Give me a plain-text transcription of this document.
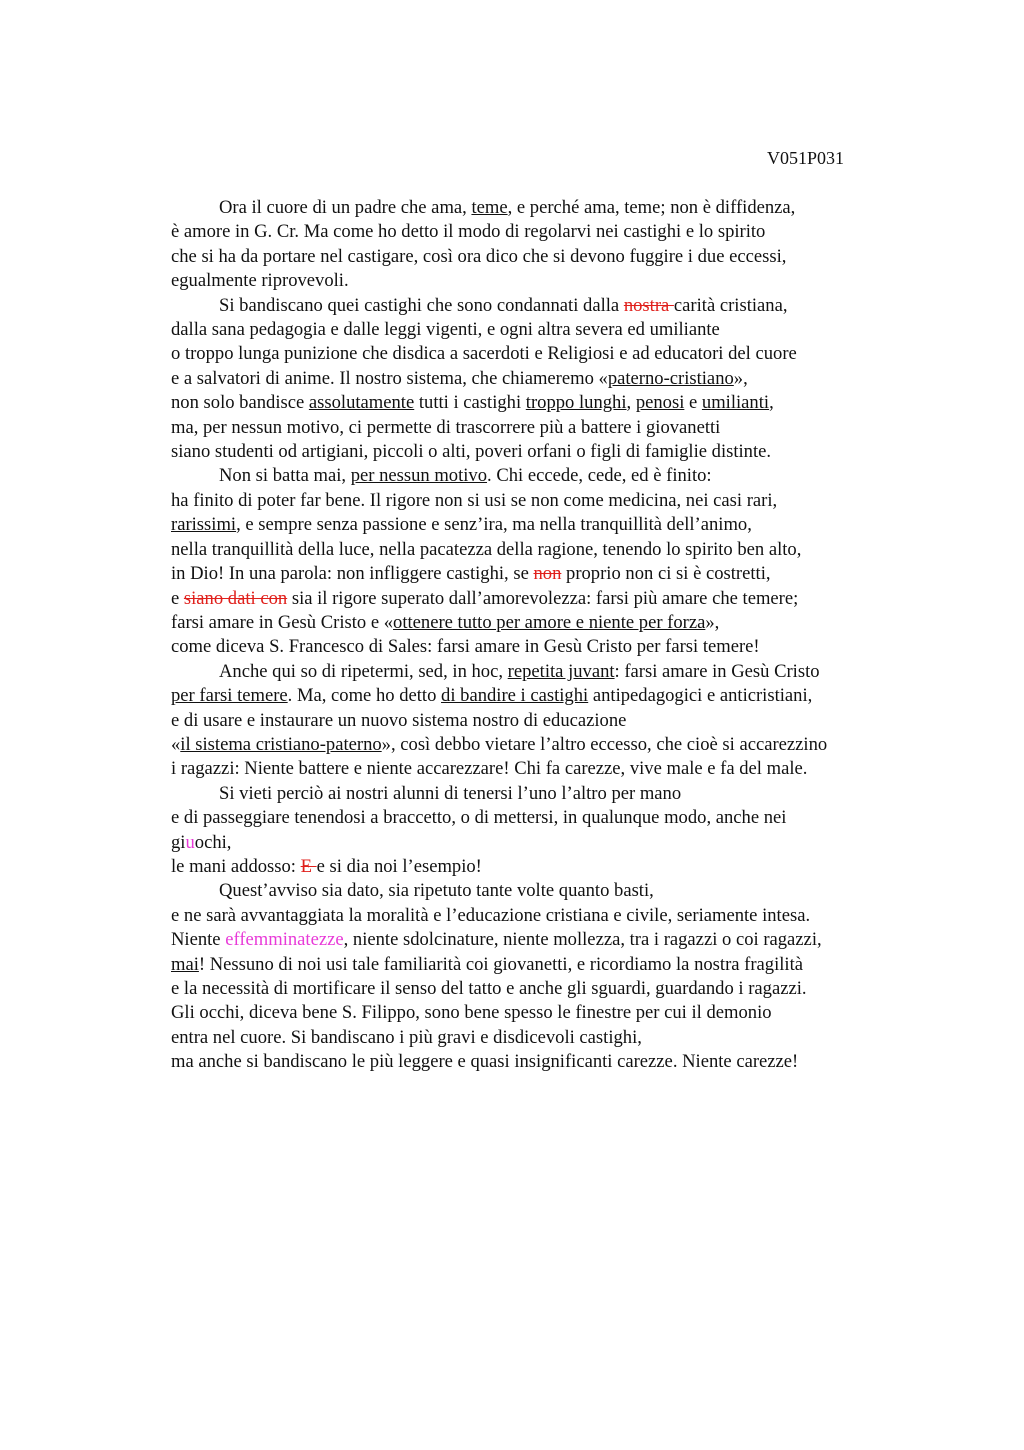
V051P031
Ora il cuore di un padre che ama, teme, e perché ama, teme; non è diffidenza,
è amore in G. Cr. Ma come ho detto il modo di regolarvi nei castighi e lo spirito
che si ha da portare nel castigare, così ora dico che si devono fuggire i due eccessi,
egualmente riprovevoli.
Si bandiscano quei castighi che sono condannati dalla nostra carità cristiana,
dalla sana pedagogia e dalle leggi vigenti, e ogni altra severa ed umiliante
o troppo lunga punizione che disdica a sacerdoti e Religiosi e ad educatori del cuore
e a salvatori di anime. Il nostro sistema, che chiameremo «paterno-cristiano»,
non solo bandisce assolutamente tutti i castighi troppo lunghi, penosi e umilianti,
ma, per nessun motivo, ci permette di trascorrere più a battere i giovanetti
siano studenti od artigiani, piccoli o alti, poveri orfani o figli di famiglie distinte.
Non si batta mai, per nessun motivo. Chi eccede, cede, ed è finito:
ha finito di poter far bene. Il rigore non si usi se non come medicina, nei casi rari,
rarissimi, e sempre senza passione e senz’ira, ma nella tranquillità dell’animo,
nella tranquillità della luce, nella pacatezza della ragione, tenendo lo spirito ben alto,
in Dio! In una parola: non infliggere castighi, se non proprio non ci si è costretti,
e siano dati con sia il rigore superato dall’amorevolezza: farsi più amare che temere;
farsi amare in Gesù Cristo e «ottenere tutto per amore e niente per forza»,
come diceva S. Francesco di Sales: farsi amare in Gesù Cristo per farsi temere!
Anche qui so di ripetermi, sed, in hoc, repetita juvant: farsi amare in Gesù Cristo
per farsi temere. Ma, come ho detto di bandire i castighi antipedagogici e anticristiani,
e di usare e instaurare un nuovo sistema nostro di educazione
«il sistema cristiano-paterno», così debbo vietare l’altro eccesso, che cioè si accarezzino
i ragazzi: Niente battere e niente accarezzare! Chi fa carezze, vive male e fa del male.
Si vieti perciò ai nostri alunni di tenersi l’uno l’altro per mano
e di passeggiare tenendosi a braccetto, o di mettersi, in qualunque modo, anche nei
giuochi,
le mani addosso: E e si dia noi l’esempio!
Quest’avviso sia dato, sia ripetuto tante volte quanto basti,
e ne sarà avvantaggiata la moralità e l’educazione cristiana e civile, seriamente intesa.
Niente effemminatezze, niente sdolcinature, niente mollezza, tra i ragazzi o coi ragazzi,
mai! Nessuno di noi usi tale familiarità coi giovanetti, e ricordiamo la nostra fragilità
e la necessità di mortificare il senso del tatto e anche gli sguardi, guardando i ragazzi.
Gli occhi, diceva bene S. Filippo, sono bene spesso le finestre per cui il demonio
entra nel cuore. Si bandiscano i più gravi e disdicevoli castighi,
ma anche si bandiscano le più leggere e quasi insignificanti carezze. Niente carezze!
